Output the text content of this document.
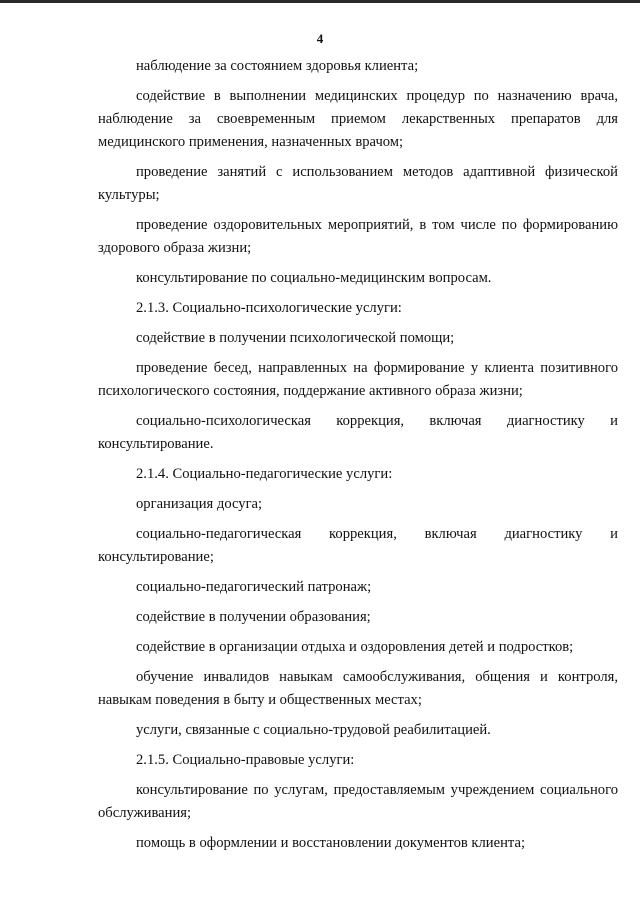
4

наблюдение за состоянием здоровья клиента;

содействие в выполнении медицинских процедур по назначению врача, наблюдение за своевременным приемом лекарственных препаратов для медицинского применения, назначенных врачом;

проведение занятий с использованием методов адаптивной физической культуры;

проведение оздоровительных мероприятий, в том числе по формированию здорового образа жизни;

консультирование по социально-медицинским вопросам.

2.1.3. Социально-психологические услуги:

содействие в получении психологической помощи;

проведение бесед, направленных на формирование у клиента позитивного психологического состояния, поддержание активного образа жизни;

социально-психологическая коррекция, включая диагностику и консультирование.

2.1.4. Социально-педагогические услуги:

организация досуга;

социально-педагогическая коррекция, включая диагностику и консультирование;

социально-педагогический патронаж;

содействие в получении образования;

содействие в организации отдыха и оздоровления детей и подростков;

обучение инвалидов навыкам самообслуживания, общения и контроля, навыкам поведения в быту и общественных местах;

услуги, связанные с социально-трудовой реабилитацией.

2.1.5. Социально-правовые услуги:

консультирование по услугам, предоставляемым учреждением социального обслуживания;

помощь в оформлении и восстановлении документов клиента;
